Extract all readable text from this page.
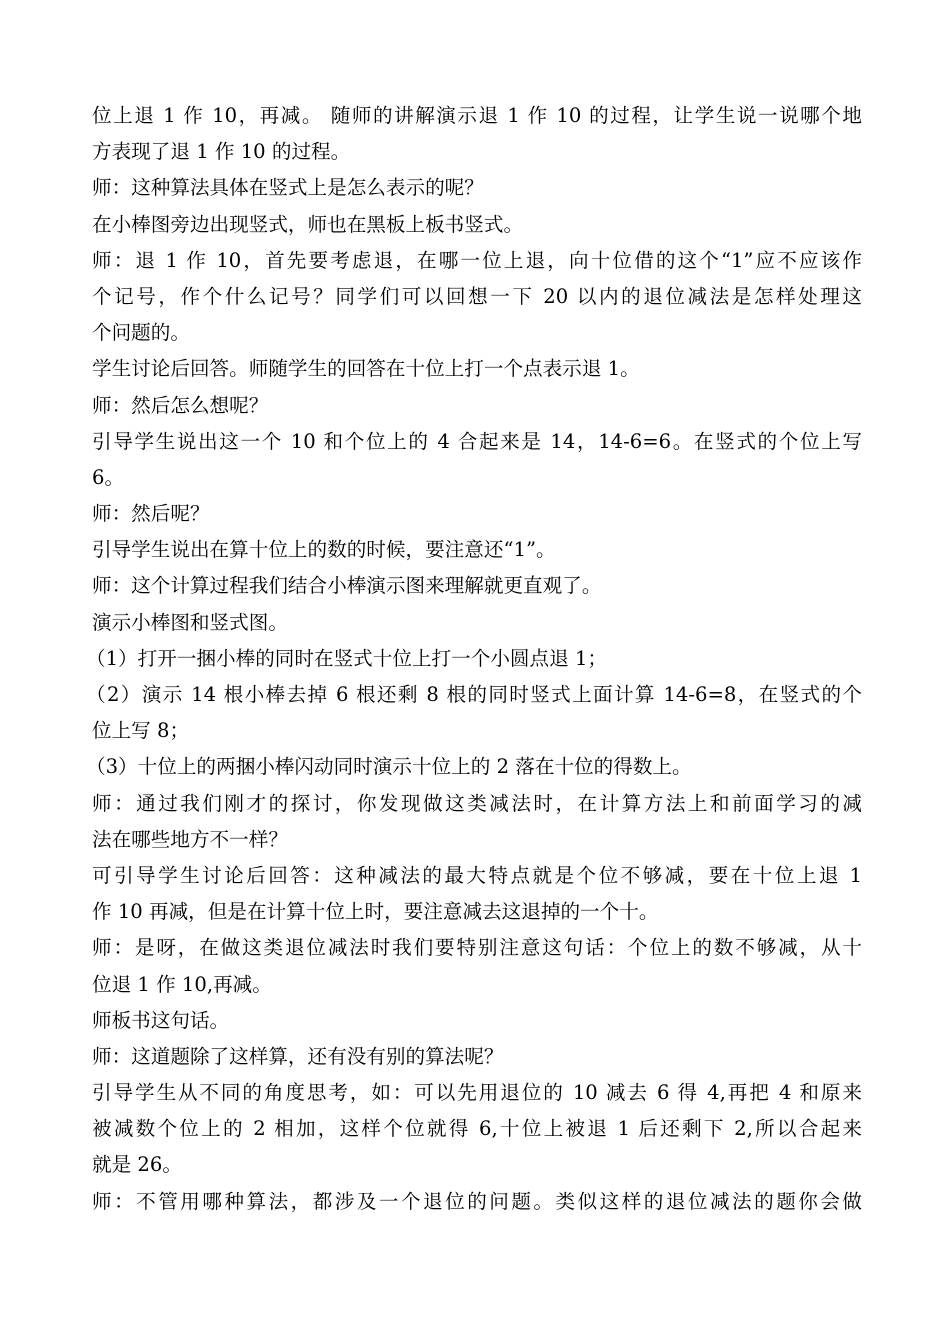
位上退 1 作 10，再减。 随师的讲解演示退 1 作 10 的过程，让学生说一说哪个地
方表现了退 1 作 10 的过程。
师：这种算法具体在竖式上是怎么表示的呢？
在小棒图旁边出现竖式，师也在黑板上板书竖式。
师：退 1 作 10，首先要考虑退，在哪一位上退，向十位借的这个“1”应不应该作
个记号，作个什么记号？同学们可以回想一下 20 以内的退位减法是怎样处理这
个问题的。
学生讨论后回答。师随学生的回答在十位上打一个点表示退 1。
师：然后怎么想呢？
引导学生说出这一个 10 和个位上的 4 合起来是 14，14-6=6。在竖式的个位上写
6。
师：然后呢？
引导学生说出在算十位上的数的时候，要注意还“1”。
师：这个计算过程我们结合小棒演示图来理解就更直观了。
演示小棒图和竖式图。
（1）打开一捆小棒的同时在竖式十位上打一个小圆点退 1；
（2）演示 14 根小棒去掉 6 根还剩 8 根的同时竖式上面计算 14-6=8，在竖式的个
位上写 8；
（3）十位上的两捆小棒闪动同时演示十位上的 2 落在十位的得数上。
师：通过我们刚才的探讨，你发现做这类减法时，在计算方法上和前面学习的减
法在哪些地方不一样？
可引导学生讨论后回答：这种减法的最大特点就是个位不够减，要在十位上退 1
作 10 再减，但是在计算十位上时，要注意减去这退掉的一个十。
师：是呀，在做这类退位减法时我们要特别注意这句话：个位上的数不够减，从十
位退 1 作 10,再减。
师板书这句话。
师：这道题除了这样算，还有没有别的算法呢？
引导学生从不同的角度思考，如：可以先用退位的 10 减去 6 得 4,再把 4 和原来
被减数个位上的 2 相加，这样个位就得 6,十位上被退 1 后还剩下 2,所以合起来
就是 26。
师：不管用哪种算法，都涉及一个退位的问题。类似这样的退位减法的题你会做
